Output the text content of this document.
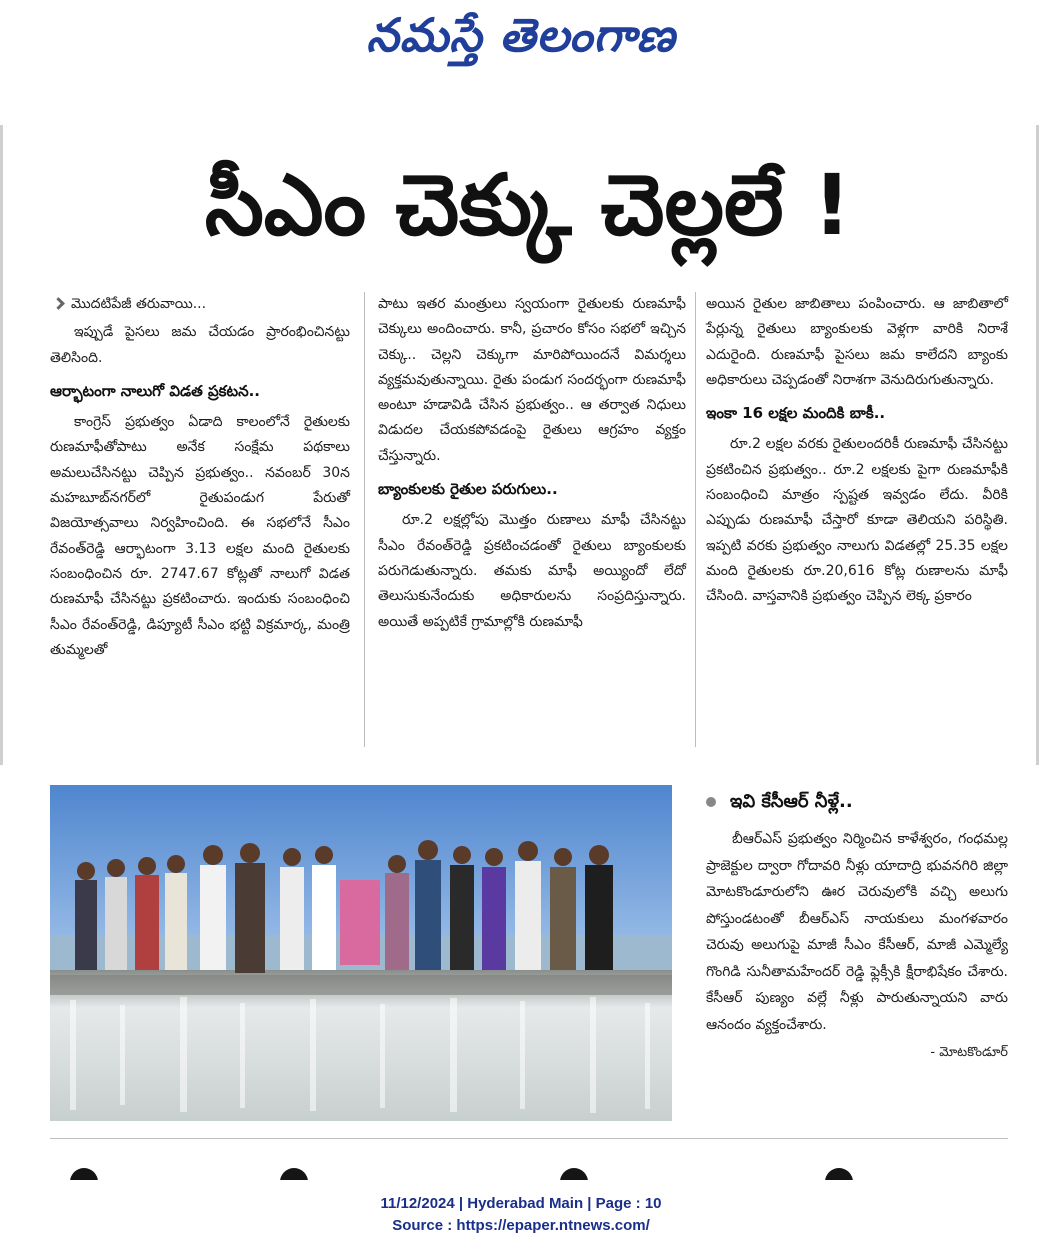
నమస్తే తెలంగాణ
సీఎం చెక్కు చెల్లలే !
మొదటిపేజీ తరువాయి...

ఇప్పుడే పైసలు జమ చేయడం ప్రారంభించినట్టు తెలిసింది.

ఆర్భాటంగా నాలుగో విడత ప్రకటన..

కాంగ్రెస్ ప్రభుత్వం ఏడాది కాలంలోనే రైతులకు రుణమాఫీతోపాటు అనేక సంక్షేమ పథకాలు అమలుచేసినట్టు చెప్పిన ప్రభుత్వం.. నవంబర్ 30న మహబూబ్‌నగర్‌లో రైతుపండుగ పేరుతో విజయోత్సవాలు నిర్వహించింది. ఈ సభలోనే సీఎం రేవంత్‌రెడ్డి ఆర్భాటంగా 3.13 లక్షల మంది రైతులకు సంబంధించిన రూ. 2747.67 కోట్లతో నాలుగో విడత రుణమాఫీ చేసినట్టు ప్రకటించారు. ఇందుకు సంబంధించి సీఎం రేవంత్‌రెడ్డి, డిప్యూటీ సీఎం భట్టి విక్రమార్క, మంత్రి తుమ్మలతో

పాటు ఇతర మంత్రులు స్వయంగా రైతులకు రుణమాఫీ చెక్కులు అందించారు. కానీ, ప్రచారం కోసం సభలో ఇచ్చిన చెక్కు.. చెల్లని చెక్కుగా మారిపోయిందనే విమర్శలు వ్యక్తమవుతున్నాయి. రైతు పండుగ సందర్భంగా రుణమాఫీ అంటూ హడావిడి చేసిన ప్రభుత్వం.. ఆ తర్వాత నిధులు విడుదల చేయకపోవడంపై రైతులు ఆగ్రహం వ్యక్తం చేస్తున్నారు.

బ్యాంకులకు రైతుల పరుగులు..

రూ.2 లక్షల్లోపు మొత్తం రుణాలు మాఫీ చేసినట్టు సీఎం రేవంత్‌రెడ్డి ప్రకటించడంతో రైతులు బ్యాంకులకు పరుగెడుతున్నారు. తమకు మాఫీ అయ్యిందో లేదో తెలుసుకునేందుకు అధికారులను సంప్రదిస్తున్నారు. అయితే అప్పటికే గ్రామాల్లోకి రుణమాఫీ

అయిన రైతుల జాబితాలు పంపించారు. ఆ జాబితాలో పేర్లున్న రైతులు బ్యాంకులకు వెళ్లగా వారికి నిరాశే ఎదురైంది. రుణమాఫీ పైసలు జమ కాలేదని బ్యాంకు అధికారులు చెప్పడంతో నిరాశగా వెనుదిరుగుతున్నారు.

ఇంకా 16 లక్షల మందికి బాకీ..

రూ.2 లక్షల వరకు రైతులందరికీ రుణమాఫీ చేసినట్టు ప్రకటించిన ప్రభుత్వం.. రూ.2 లక్షలకు పైగా రుణమాఫీకి సంబంధించి మాత్రం స్పష్టత ఇవ్వడం లేదు. వీరికి ఎప్పుడు రుణమాఫీ చేస్తారో కూడా తెలియని పరిస్థితి. ఇప్పటి వరకు ప్రభుత్వం నాలుగు విడతల్లో 25.35 లక్షల మంది రైతులకు రూ.20,616 కోట్ల రుణాలను మాఫీ చేసింది. వాస్తవానికి ప్రభుత్వం చెప్పిన లెక్క ప్రకారం

ఇవి కేసీఆర్ నీళ్లే..

బీఆర్‌ఎస్ ప్రభుత్వం నిర్మించిన కాళేశ్వరం, గంధమల్ల ప్రాజెక్టుల ద్వారా గోదావరి నీళ్లు యాదాద్రి భువనగిరి జిల్లా మోటకొండూరులోని ఊర చెరువులోకి వచ్చి అలుగు పోస్తుండటంతో బీఆర్‌ఎస్ నాయకులు మంగళవారం చెరువు అలుగుపై మాజీ సీఎం కేసీఆర్, మాజీ ఎమ్మెల్యే గొంగిడి సునీతామహేందర్ రెడ్డి ఫ్లెక్సీకి క్షీరాభిషేకం చేశారు. కేసీఆర్ పుణ్యం వల్లే నీళ్లు పారుతున్నాయని వారు ఆనందం వ్యక్తంచేశారు.

- మోటకొండూర్
11/12/2024 | Hyderabad Main | Page : 10
Source : https://epaper.ntnews.com/
